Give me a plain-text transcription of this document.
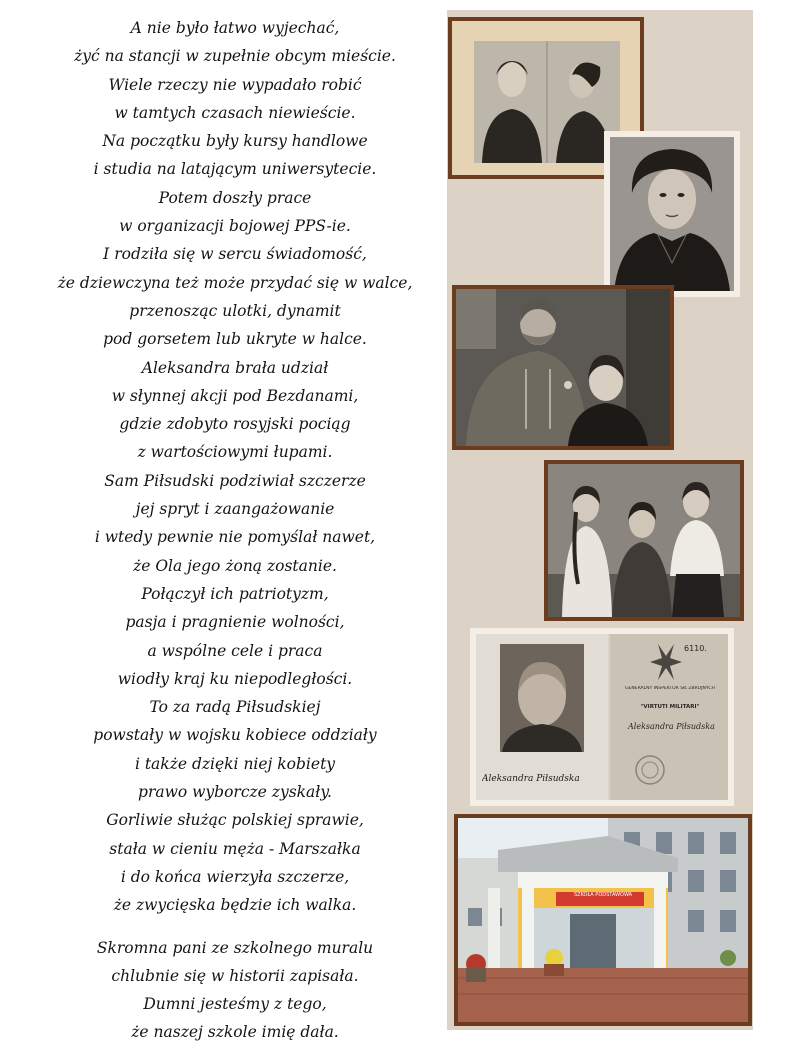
A nie było łatwo wyjechać,
żyć na stancji w zupełnie obcym mieście.
Wiele rzeczy nie wypadało robić
w tamtych czasach niewieście.
Na początku były kursy handlowe
i studia na latającym uniwersytecie.
Potem doszły prace
w organizacji bojowej PPS-ie.
I rodziła się w sercu świadomość,
że dziewczyna też może przydać się w walce,
przenosząc ulotki, dynamit
pod gorsetem lub ukryte w halce.
Aleksandra brała udział
w słynnej akcji pod Bezdanami,
gdzie zdobyto rosyjski pociąg
z wartościowymi łupami.
Sam Piłsudski podziwiał szczerze
jej spryt i zaangażowanie
i wtedy pewnie nie pomyślał nawet,
że Ola jego żoną zostanie.
Połączył ich patriotyzm,
pasja i pragnienie wolności,
a wspólne cele i praca
wiodły kraj ku niepodległości.
To za radą Piłsudskiej
powstały w wojsku kobiece oddziały
i także dzięki niej kobiety
prawo wyborcze zyskały.
Gorliwie służąc polskiej sprawie,
stała w cieniu męża - Marszałka
i do końca wierzyła szczerze,
że zwycięska będzie ich walka.
Skromna pani ze szkolnego muralu
chlubnie się w historii zapisała.
Dumni jesteśmy z tego,
że naszej szkole imię dała.
6110.
GENERALNY INSPEKTOR SIŁ ZBROJNYCH
"VIRTUTI MILITARI"
Aleksandra Piłsudska
Aleksandra Piłsudska
SZKOŁA PODSTAWOWA
